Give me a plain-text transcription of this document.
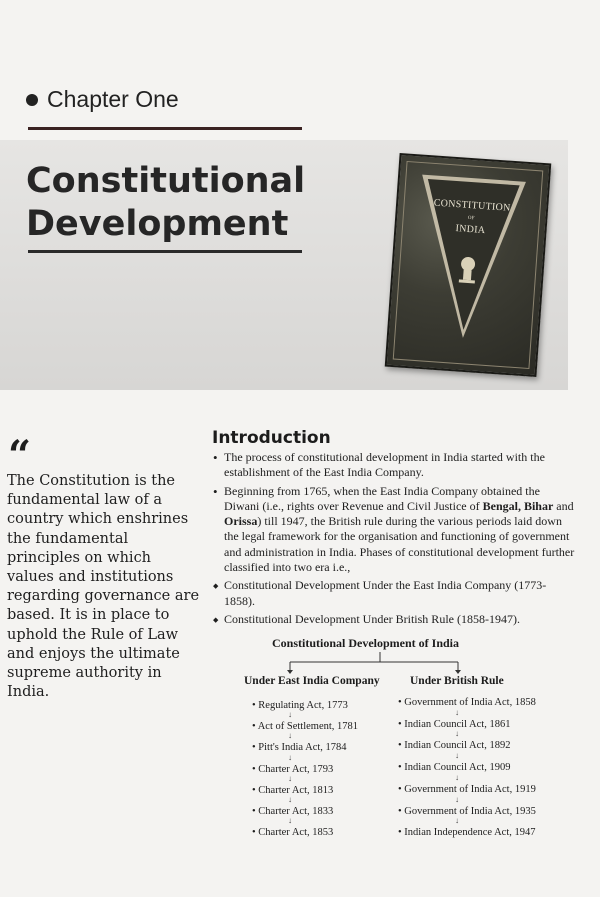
Chapter One
Constitutional
Development	CONSTITUTION
OF
INDIA
“

The Constitution is the fundamental law of a country which enshrines the fundamental principles on which values and institutions regarding governance are based. It is in place to uphold the Rule of Law and enjoys the ultimate supreme authority in India.

Introduction
• The process of constitutional development in India started with the establishment of the East India Company.
• Beginning from 1765, when the East India Company obtained the Diwani (i.e., rights over Revenue and Civil Justice of Bengal, Bihar and Orissa) till 1947, the British rule during the various periods laid down the legal framework for the organisation and functioning of government and administration in India. Phases of constitutional development further classified into two era i.e.,
◆ Constitutional Development Under the East India Company (1773-1858).
◆ Constitutional Development Under British Rule (1858-1947).
Constitutional Development of India
Under East India Company	Under British Rule
• Regulating Act, 1773
↓
• Act of Settlement, 1781
↓
• Pitt's India Act, 1784
↓
• Charter Act, 1793
↓
• Charter Act, 1813
↓
• Charter Act, 1833
↓
• Charter Act, 1853
• Government of India Act, 1858
↓
• Indian Council Act, 1861
↓
• Indian Council Act, 1892
↓
• Indian Council Act, 1909
↓
• Government of India Act, 1919
↓
• Government of India Act, 1935
↓
• Indian Independence Act, 1947
